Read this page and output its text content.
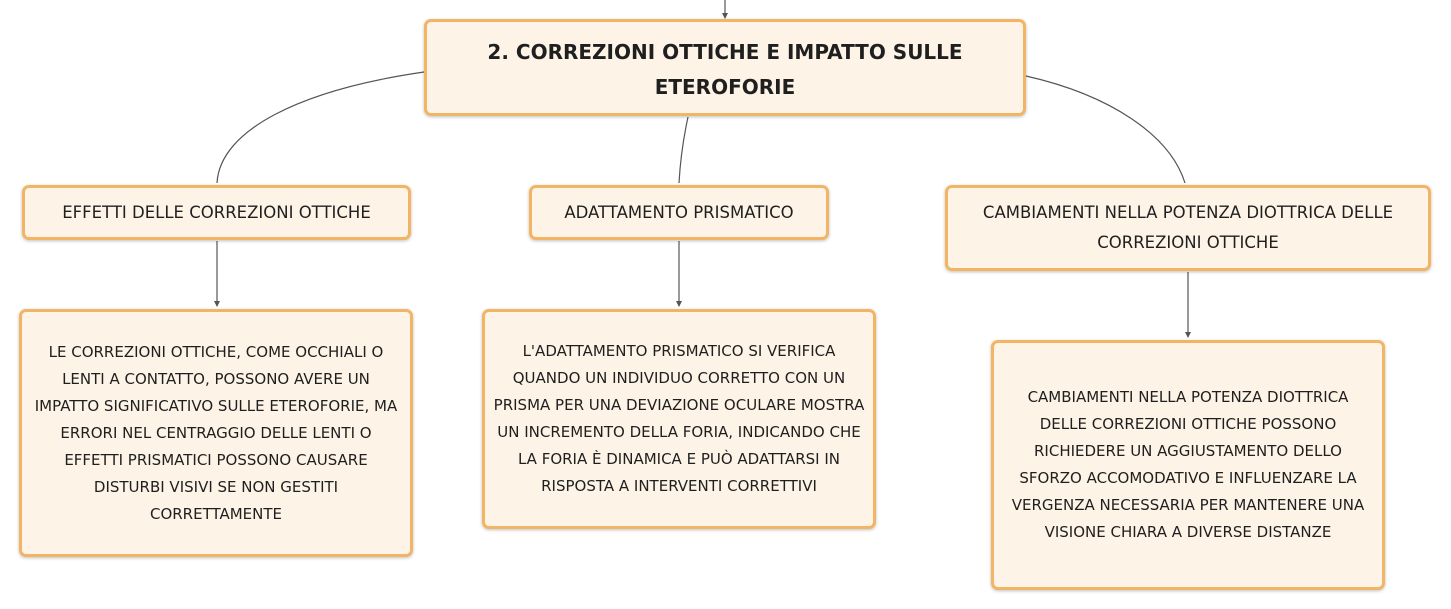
2. CORREZIONI OTTICHE E IMPATTO SULLE
ETEROFORIE
EFFETTI DELLE CORREZIONI OTTICHE	ADATTAMENTO PRISMATICO	CAMBIAMENTI NELLA POTENZA DIOTTRICA DELLE CORREZIONI OTTICHE
LE CORREZIONI OTTICHE, COME OCCHIALI O LENTI A CONTATTO, POSSONO AVERE UN IMPATTO SIGNIFICATIVO SULLE ETEROFORIE, MA ERRORI NEL CENTRAGGIO DELLE LENTI O EFFETTI PRISMATICI POSSONO CAUSARE DISTURBI VISIVI SE NON GESTITI CORRETTAMENTE
L'ADATTAMENTO PRISMATICO SI VERIFICA QUANDO UN INDIVIDUO CORRETTO CON UN PRISMA PER UNA DEVIAZIONE OCULARE MOSTRA UN INCREMENTO DELLA FORIA, INDICANDO CHE LA FORIA È DINAMICA E PUÒ ADATTARSI IN RISPOSTA A INTERVENTI CORRETTIVI
CAMBIAMENTI NELLA POTENZA DIOTTRICA DELLE CORREZIONI OTTICHE POSSONO RICHIEDERE UN AGGIUSTAMENTO DELLO SFORZO ACCOMODATIVO E INFLUENZARE LA VERGENZA NECESSARIA PER MANTENERE UNA VISIONE CHIARA A DIVERSE DISTANZE
